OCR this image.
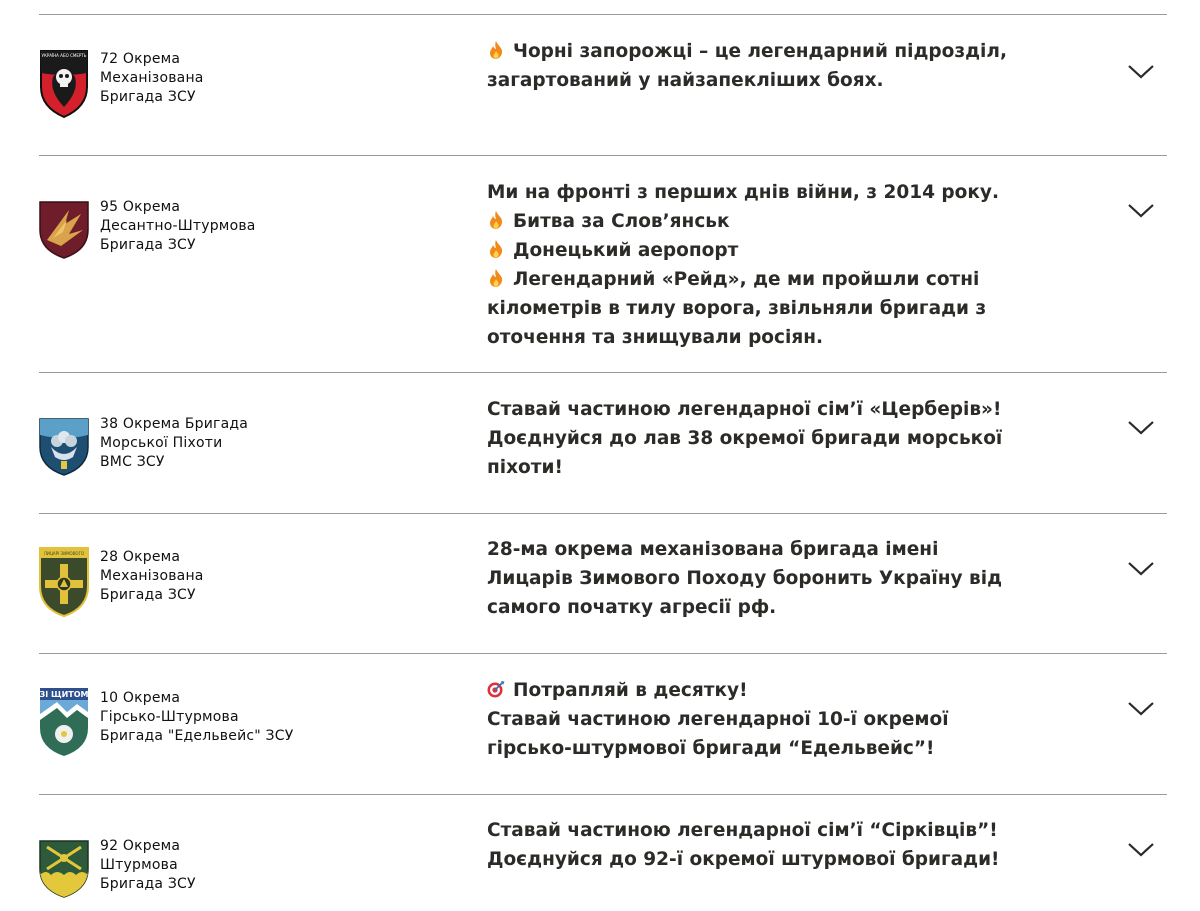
УКРАЇНА АБО СМЕРТЬ 72 Окрема
Механізована
Бригада ЗСУ
Чорні запорожці – це легендарний підрозділ,
загартований у найзапекліших боях.
95 Окрема
Десантно-Штурмова
Бригада ЗСУ
Ми на фронті з перших днів війни, з 2014 року.
Битва за Слов’янськ
Донецький аеропорт
Легендарний «Рейд», де ми пройшли сотні
кілометрів в тилу ворога, звільняли бригади з
оточення та знищували росіян.
38 Окрема Бригада
Морської Піхоти
ВМС ЗСУ
Ставай частиною легендарної сім’ї «Церберів»!
Доєднуйся до лав 38 окремої бригади морської
піхоти!
ЛИЦАРІ ЗИМОВОГО 28 Окрема
Механізована
Бригада ЗСУ
28-ма окрема механізована бригада імені
Лицарів Зимового Походу боронить Україну від
самого початку агресії рф.
ЗІ ЩИТОМ 10 Окрема
Гірсько-Штурмова
Бригада "Едельвейс" ЗСУ
Потрапляй в десятку!
Ставай частиною легендарної 10-ї окремої
гірсько-штурмової бригади “Едельвейс”!
92 Окрема
Штурмова
Бригада ЗСУ
Ставай частиною легендарної сім’ї “Сірківців”!
Доєднуйся до 92-ї окремої штурмової бригади!
